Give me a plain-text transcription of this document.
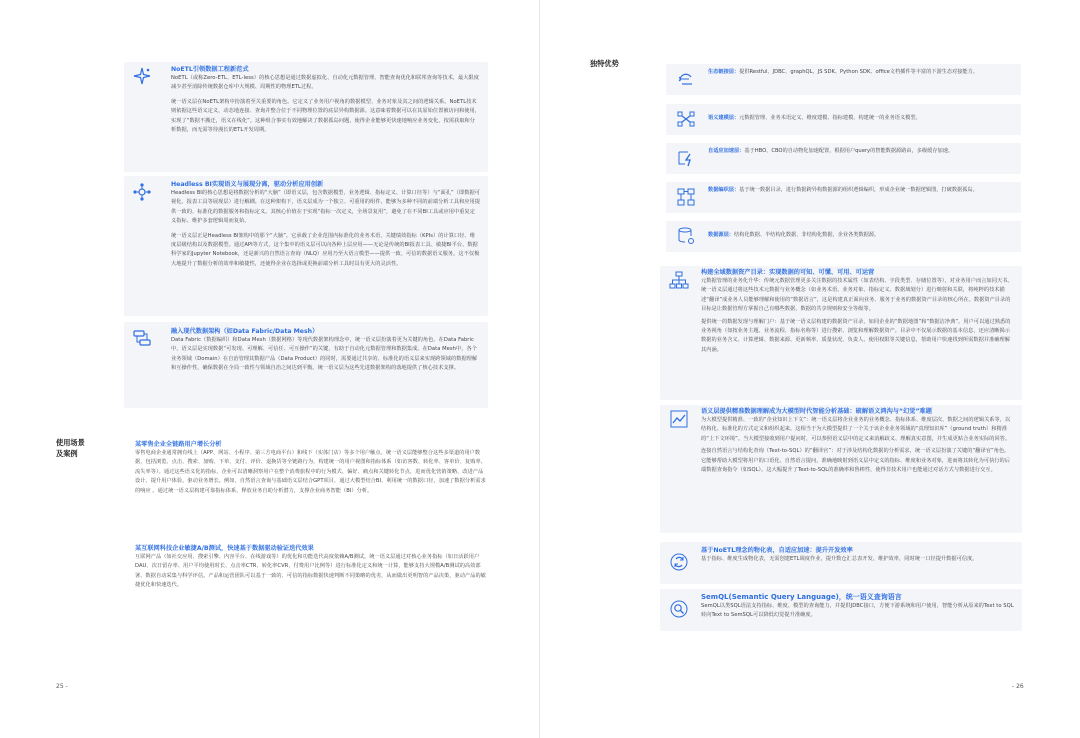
NoETL引领数据工程新范式
NoETL（或称Zero-ETL、ETL-less）的核心思想是通过数据虚拟化、自动化元数据管理、智能查询优化和联邦查询等技术，最大限度减少甚至消除传统数据仓库中大规模、周期性的物理ETL过程。
统一语义层在NoETL架构中扮演着至关重要的角色。它定义了业务用户视角的数据模型、业务对象及其之间的逻辑关系。NoETL技术则依据这些语义定义，动态地连接、查询并整合位于不同物理位置的底层异构数据源。这意味着数据可以在其原始位置被访问和使用，实现了“数据不搬迁，语义在线化”。这种组合事实有效地解决了数据孤岛问题，使得企业能够更快速地响应业务变化，按需获取和分析数据，而无需等待漫长的ETL开发周期。
Headless BI实现语义与展现分离，驱动分析应用创新
Headless BI的核心思想是将数据分析的“大脑”（即语义层，包含数据模型、业务逻辑、指标定义、计算口径等）与“面孔”（即数据可视化、报表工具等展现层）进行解耦。在这种架构下，语义层成为一个独立、可重用的组件，能够为多种不同的前端分析工具和应用提供一致的、标准化的数据服务和指标定义。其核心价值在于实现“指标一次定义，全场景复用”，避免了在不同BI工具或应用中重复定义指标、维护多套逻辑周而复始。
统一语义层正是Headless BI架构中的那个“大脑”。它承载了企业范围内标准化的业务术语、关键绩效指标（KPIs）的计算口径、维度层级结构以及数据模型。通过API等方式，这个集中的语义层可以向各种上层应用——无论是传统的BI报表工具、敏捷BI平台、数据科学家的Jupyter Notebook，还是新兴的自然语言查询（NLQ）应用乃至大语言模型——提供一致、可信的数据语义服务。这不仅极大地提升了数据分析的效率和敏捷性，还使得企业在选择或更换前端分析工具时具有更大的灵活性。
融入现代数据架构（如Data Fabric/Data Mesh）
Data Fabric（数据编织）和Data Mesh（数据网格）等现代数据架构理念中，统一语义层扮演着更为关键的角色。在Data Fabric中，语义层是实现数据“可发现、可理解、可信任、可互操作”的关键，有助于自动化元数据管理和数据集成。在Data Mesh中，各个业务领域（Domain）在自治管理其数据产品（Data Product）的同时，需要通过共享的、标准化的语义层来实现跨领域的数据理解和互操作性，确保数据在全局一致性与领域自治之间达到平衡。统一语义层为这些先进数据架构的落地提供了核心技术支撑。
使用场景
及案例
某零售企业全链路用户增长分析
零售电商企业通常拥有线上（APP、网站、小程序、第三方电商平台）和线下（实体门店）等多个用户触点。统一语义层能够整合这些多渠道的用户数据，包括浏览、点击、搜索、加购、下单、支付、评价、退换货等全链路行为，构建统一的用户视图和指标体系（如访客数、转化率、客单价、复购率、流失率等）。通过这些语义化的指标，企业可以清晰洞察用户在整个消费旅程中的行为模式、偏好、痛点和关键转化节点，进而优化营销策略、改进产品设计、提升用户体验。驱动业务增长。例如，自然语言查询与基础语义层结合GPT项目，通过大模型结合BI、利用统一的数据口径，加速了数据分析需求的响应 。通过统一语义层构建可靠指标体系，释放业务自助分析潜力，支撑企业商务智能（BI）分析。
某互联网科技企业敏捷A/B测试，快速基于数据驱动验证迭代效果
互联网产品（如社交应用、搜索引擎、内容平台、在线游戏等）的优化和功能迭代高度依赖A/B测试。统一语义层通过对核心业务指标（如日活跃用户DAU、次日留存率、用户平均使用时长、点击率CTR、转化率CVR、付费用户比例等）进行标准化定义和统一计算，能够支持大规模A/B测试的高效部署、数据自动采集与科学评估。产品和运营团队可以基于一致的、可信的指标数据快速判断不同策略的优劣，从而做出更明智的产品决策，驱动产品的敏捷优化和快速迭代。
25 -
独特优势
- 26
生态链接层：提供Restful、JDBC、graphQL、JS SDK、Python SDK、office文档插件等丰富的下游生态对接能力。
语义建模层：元数据管理、业务术语定义、维度建模、指标建模、构建统一的业务语义模型。
自适应加速层：基于HBO、CBO的自动物化加速配置，根据用户query的智能数据源路由，多级缓存加速。
数据编织层：基于统一数据目录，进行数据跨异构数据源的组织逻辑编织，形成企业统一数据逻辑图，打破数据孤岛。
数据源层：结构化数据、半结构化数据、非结构化数据，企业各类数据源。
构建全域数据资产目录：实现数据的可知、可懂、可用、可运营
元数据管理的业务化升华：传统元数据管理更多关注数据的技术属性（如表结构、字段类型、存储位置等），对业务用户而言如同天书。统一语义层通过将这些技术元数据与业务概念（如业务术语、业务对象、指标定义、数据域划分）进行映射和关联，将纯粹的技术描述“翻译”成业务人员能够理解和使用的“数据语言”，这是构建真正面向业务、服务于业务的数据资产目录的核心所在。数据资产目录的目标是让数据管理方掌握自己有哪些数据，数据的共享规则和安全等级等。
提供统一的数据发现与理解门户：基于统一语义层构建的数据资产目录，如同企业的“数据地图”和“数据洁净典”。用户可以通过熟悉的业务视角（如按业务主题、业务流程、指标名称等）进行搜索、浏览和理解数据资产。目录中不仅展示数据的基本信息，还应清晰揭示数据的业务含义、计算逻辑、数据来源、更新频率、质量状况、负责人、使用权限等关键信息，帮助用户快速找到所需数据并准确理解其内涵。
语义层提供精准数据理解成为大模型时代智能分析基础：破解语义鸿沟与“幻觉”难题
为大模型提供精准、一致的“企业知识上下文”：统一语义层将企业业务的业务概念、指标体系、维度层次、数据之间的逻辑关系等，以结构化、标准化的方式定义和组织起来。这相当于为大模型提供了一个关于该企业业务领域的“真理知识库”（ground truth）和精准的“上下文环境”。当大模型接收到用户提问时，可以参照语义层中的定义来消解歧义、理解真实意图，并生成更贴合业务实际的回答。
连接自然语言与结构化查询（Text-to-SQL）的“翻译官”：对于涉及结构化数据的分析需求，统一语义层扮演了关键的“翻译官”角色。它能够帮助大模型将用户的口语化、自然语言提问，准确地映射到语义层中定义的指标、维度和业务对象，进而将其转化为可执行的后端数据查询指令（如SQL）。这大幅提升了Text-to-SQL的准确率和鲁棒性，使得非技术用户也能通过对话方式与数据进行交互。
基于NoETL理念的物化表，自适应加速：提升开发效率
基于指标、维度生成物化表，无需创建ETL调度作业，提升数仓汇总表开发、维护效率，同时统一口径提升数据可信度。
SemQL(Semantic Query Language)，统一语义查询语言
SemQL以类SQL语法支持指标、维度、模型的查询能力，并提供JDBC接口，方便下游系统和用户使用，智能分析从原来的Text to SQL转向Text to SemSQL可以降低幻觉提升准确度。
